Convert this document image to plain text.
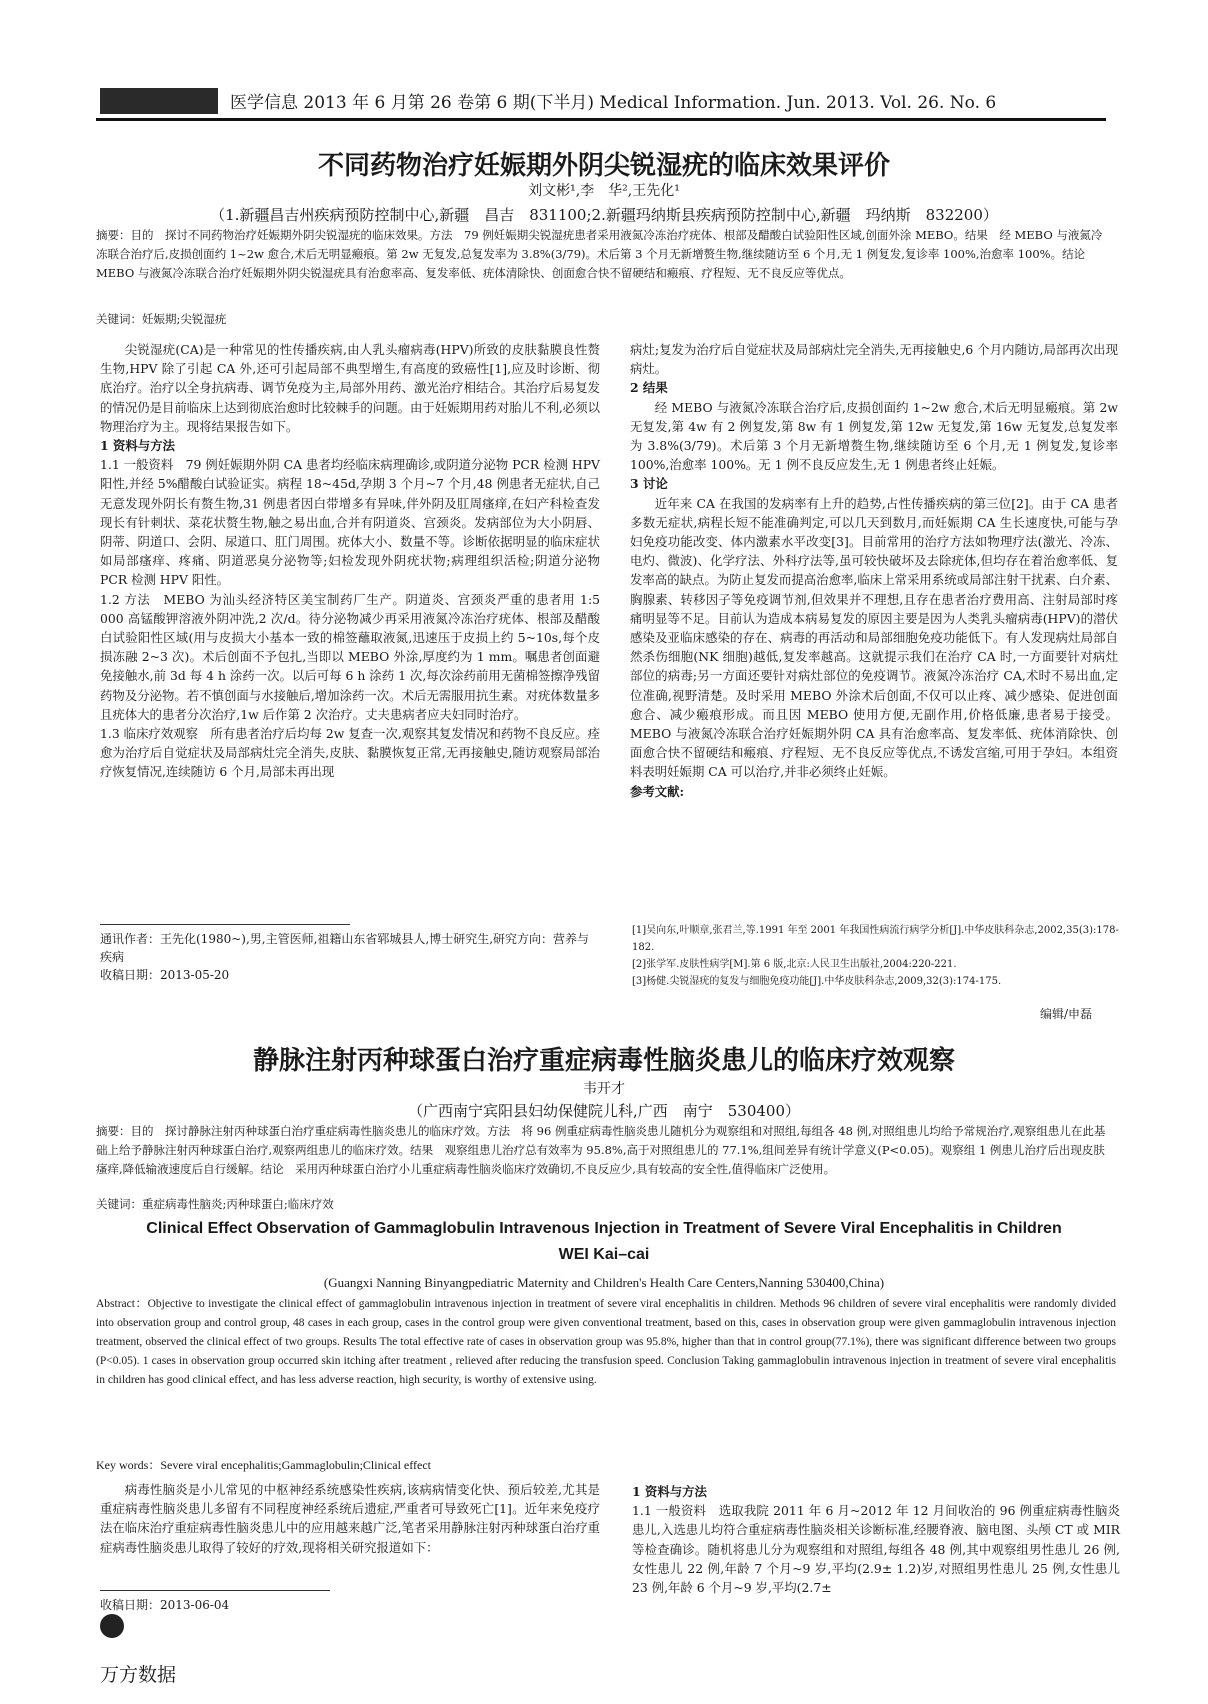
医学信息 2013 年 6 月第 26 卷第 6 期(下半月) Medical Information. Jun. 2013. Vol. 26. No. 6
不同药物治疗妊娠期外阴尖锐湿疣的临床效果评价
刘文彬¹,李　华²,王先化¹
（1.新疆昌吉州疾病预防控制中心,新疆　昌吉　831100;2.新疆玛纳斯县疾病预防控制中心,新疆　玛纳斯　832200）
摘要：目的　探讨不同药物治疗妊娠期外阴尖锐湿疣的临床效果。方法　79 例妊娠期尖锐湿疣患者采用液氮冷冻治疗疣体、根部及醋酸白试验阳性区域,创面外涂 MEBO。结果　经 MEBO 与液氮冷冻联合治疗后,皮损创面约 1~2w 愈合,术后无明显瘢痕。第 2w 无复发,总复发率为 3.8%(3/79)。术后第 3 个月无新增赘生物,继续随访至 6 个月,无 1 例复发,复诊率 100%,治愈率 100%。结论　MEBO 与液氮冷冻联合治疗妊娠期外阴尖锐湿疣具有治愈率高、复发率低、疣体清除快、创面愈合快不留硬结和瘢痕、疗程短、无不良反应等优点。
关键词：妊娠期;尖锐湿疣

尖锐湿疣(CA)是一种常见的性传播疾病,由人乳头瘤病毒(HPV)所致的皮肤黏膜良性赘生物,HPV 除了引起 CA 外,还可引起局部不典型增生,有高度的致癌性[1],应及时诊断、彻底治疗。治疗以全身抗病毒、调节免疫为主,局部外用药、激光治疗相结合。其治疗后易复发的情况仍是目前临床上达到彻底治愈时比较棘手的问题。由于妊娠期用药对胎儿不利,必须以物理治疗为主。现将结果报告如下。

1 资料与方法

1.1 一般资料　79 例妊娠期外阴 CA 患者均经临床病理确诊,或阴道分泌物 PCR 检测 HPV 阳性,并经 5%醋酸白试验证实。病程 18~45d,孕期 3 个月~7 个月,48 例患者无症状,自己无意发现外阴长有赘生物,31 例患者因白带增多有异味,伴外阴及肛周瘙痒,在妇产科检查发现长有针刺状、菜花状赘生物,触之易出血,合并有阴道炎、宫颈炎。发病部位为大小阴唇、阴蒂、阴道口、会阴、尿道口、肛门周围。疣体大小、数量不等。诊断依据明显的临床症状如局部瘙痒、疼痛、阴道恶臭分泌物等;妇检发现外阴疣状物;病理组织活检;阴道分泌物 PCR 检测 HPV 阳性。

1.2 方法　MEBO 为汕头经济特区美宝制药厂生产。阴道炎、宫颈炎严重的患者用 1:5 000 高锰酸钾溶液外阴冲洗,2 次/d。待分泌物减少再采用液氮冷冻治疗疣体、根部及醋酸白试验阳性区域(用与皮损大小基本一致的棉签蘸取液氮,迅速压于皮损上约 5~10s,每个皮损冻融 2~3 次)。术后创面不予包扎,当即以 MEBO 外涂,厚度约为 1 mm。嘱患者创面避免接触水,前 3d 每 4 h 涂药一次。以后可每 6 h 涂药 1 次,每次涂药前用无菌棉签擦净残留药物及分泌物。若不慎创面与水接触后,增加涂药一次。术后无需服用抗生素。对疣体数量多且疣体大的患者分次治疗,1w 后作第 2 次治疗。丈夫患病者应夫妇同时治疗。

1.3 临床疗效观察　所有患者治疗后均每 2w 复查一次,观察其复发情况和药物不良反应。痊愈为治疗后自觉症状及局部病灶完全消失,皮肤、黏膜恢复正常,无再接触史,随访观察局部治疗恢复情况,连续随访 6 个月,局部未再出现

病灶;复发为治疗后自觉症状及局部病灶完全消失,无再接触史,6 个月内随访,局部再次出现病灶。

2 结果

经 MEBO 与液氮冷冻联合治疗后,皮损创面约 1~2w 愈合,术后无明显瘢痕。第 2w 无复发,第 4w 有 2 例复发,第 8w 有 1 例复发,第 12w 无复发,第 16w 无复发,总复发率为 3.8%(3/79)。术后第 3 个月无新增赘生物,继续随访至 6 个月,无 1 例复发,复诊率 100%,治愈率 100%。无 1 例不良反应发生,无 1 例患者终止妊娠。

3 讨论

近年来 CA 在我国的发病率有上升的趋势,占性传播疾病的第三位[2]。由于 CA 患者多数无症状,病程长短不能准确判定,可以几天到数月,而妊娠期 CA 生长速度快,可能与孕妇免疫功能改变、体内激素水平改变[3]。目前常用的治疗方法如物理疗法(激光、冷冻、电灼、微波)、化学疗法、外科疗法等,虽可较快破坏及去除疣体,但均存在着治愈率低、复发率高的缺点。为防止复发而提高治愈率,临床上常采用系统或局部注射干扰素、白介素、胸腺素、转移因子等免疫调节剂,但效果并不理想,且存在患者治疗费用高、注射局部时疼痛明显等不足。目前认为造成本病易复发的原因主要是因为人类乳头瘤病毒(HPV)的潜伏感染及亚临床感染的存在、病毒的再活动和局部细胞免疫功能低下。有人发现病灶局部自然杀伤细胞(NK 细胞)越低,复发率越高。这就提示我们在治疗 CA 时,一方面要针对病灶部位的病毒;另一方面还要针对病灶部位的免疫调节。液氮冷冻治疗 CA,术时不易出血,定位准确,视野清楚。及时采用 MEBO 外涂术后创面,不仅可以止疼、减少感染、促进创面愈合、减少瘢痕形成。而且因 MEBO 使用方便,无副作用,价格低廉,患者易于接受。MEBO 与液氮冷冻联合治疗妊娠期外阴 CA 具有治愈率高、复发率低、疣体消除快、创面愈合快不留硬结和瘢痕、疗程短、无不良反应等优点,不诱发宫缩,可用于孕妇。本组资料表明妊娠期 CA 可以治疗,并非必须终止妊娠。

参考文献:

通讯作者：王先化(1980~),男,主管医师,祖籍山东省郓城县人,博士研究生,研究方向：营养与疾病
收稿日期：2013-05-20
[1]吴向东,叶顺章,张君兰,等.1991 年至 2001 年我国性病流行病学分析[J].中华皮肤科杂志,2002,35(3):178-182.
[2]张学军.皮肤性病学[M].第 6 版,北京:人民卫生出版社,2004:220-221.
[3]杨健.尖锐湿疣的复发与细胞免疫功能[J].中华皮肤科杂志,2009,32(3):174-175.
编辑/申磊
静脉注射丙种球蛋白治疗重症病毒性脑炎患儿的临床疗效观察
韦开才
（广西南宁宾阳县妇幼保健院儿科,广西　南宁　530400）
摘要：目的　探讨静脉注射丙种球蛋白治疗重症病毒性脑炎患儿的临床疗效。方法　将 96 例重症病毒性脑炎患儿随机分为观察组和对照组,每组各 48 例,对照组患儿均给予常规治疗,观察组患儿在此基础上给予静脉注射丙种球蛋白治疗,观察两组患儿的临床疗效。结果　观察组患儿治疗总有效率为 95.8%,高于对照组患儿的 77.1%,组间差异有统计学意义(P<0.05)。观察组 1 例患儿治疗后出现皮肤瘙痒,降低输液速度后自行缓解。结论　采用丙种球蛋白治疗小儿重症病毒性脑炎临床疗效确切,不良反应少,具有较高的安全性,值得临床广泛使用。
关键词：重症病毒性脑炎;丙种球蛋白;临床疗效
Clinical Effect Observation of Gammaglobulin Intravenous Injection in Treatment of Severe Viral Encephalitis in Children
WEI Kai–cai
(Guangxi Nanning Binyangpediatric Maternity and Children's Health Care Centers,Nanning 530400,China)
Abstract：Objective to investigate the clinical effect of gammaglobulin intravenous injection in treatment of severe viral encephalitis in children. Methods 96 children of severe viral encephalitis were randomly divided into observation group and control group, 48 cases in each group, cases in the control group were given conventional treatment, based on this, cases in observation group were given gammaglobulin intravenous injection treatment, observed the clinical effect of two groups. Results The total effective rate of cases in observation group was 95.8%, higher than that in control group(77.1%), there was significant difference between two groups (P<0.05). 1 cases in observation group occurred skin itching after treatment , relieved after reducing the transfusion speed. Conclusion Taking gammaglobulin intravenous injection in treatment of severe viral encephalitis in children has good clinical effect, and has less adverse reaction, high security, is worthy of extensive using.
Key words：Severe viral encephalitis;Gammaglobulin;Clinical effect

病毒性脑炎是小儿常见的中枢神经系统感染性疾病,该病病情变化快、预后较差,尤其是重症病毒性脑炎患儿多留有不同程度神经系统后遗症,严重者可导致死亡[1]。近年来免疫疗法在临床治疗重症病毒性脑炎患儿中的应用越来越广泛,笔者采用静脉注射丙种球蛋白治疗重症病毒性脑炎患儿取得了较好的疗效,现将相关研究报道如下：

1 资料与方法

1.1 一般资料　选取我院 2011 年 6 月~2012 年 12 月间收治的 96 例重症病毒性脑炎患儿,入选患儿均符合重症病毒性脑炎相关诊断标准,经腰脊液、脑电图、头颅 CT 或 MIR 等检查确诊。随机将患儿分为观察组和对照组,每组各 48 例,其中观察组男性患儿 26 例,女性患儿 22 例,年龄 7 个月~9 岁,平均(2.9± 1.2)岁,对照组男性患儿 25 例,女性患儿 23 例,年龄 6 个月~9 岁,平均(2.7±

收稿日期：2013-06-04
万方数据
